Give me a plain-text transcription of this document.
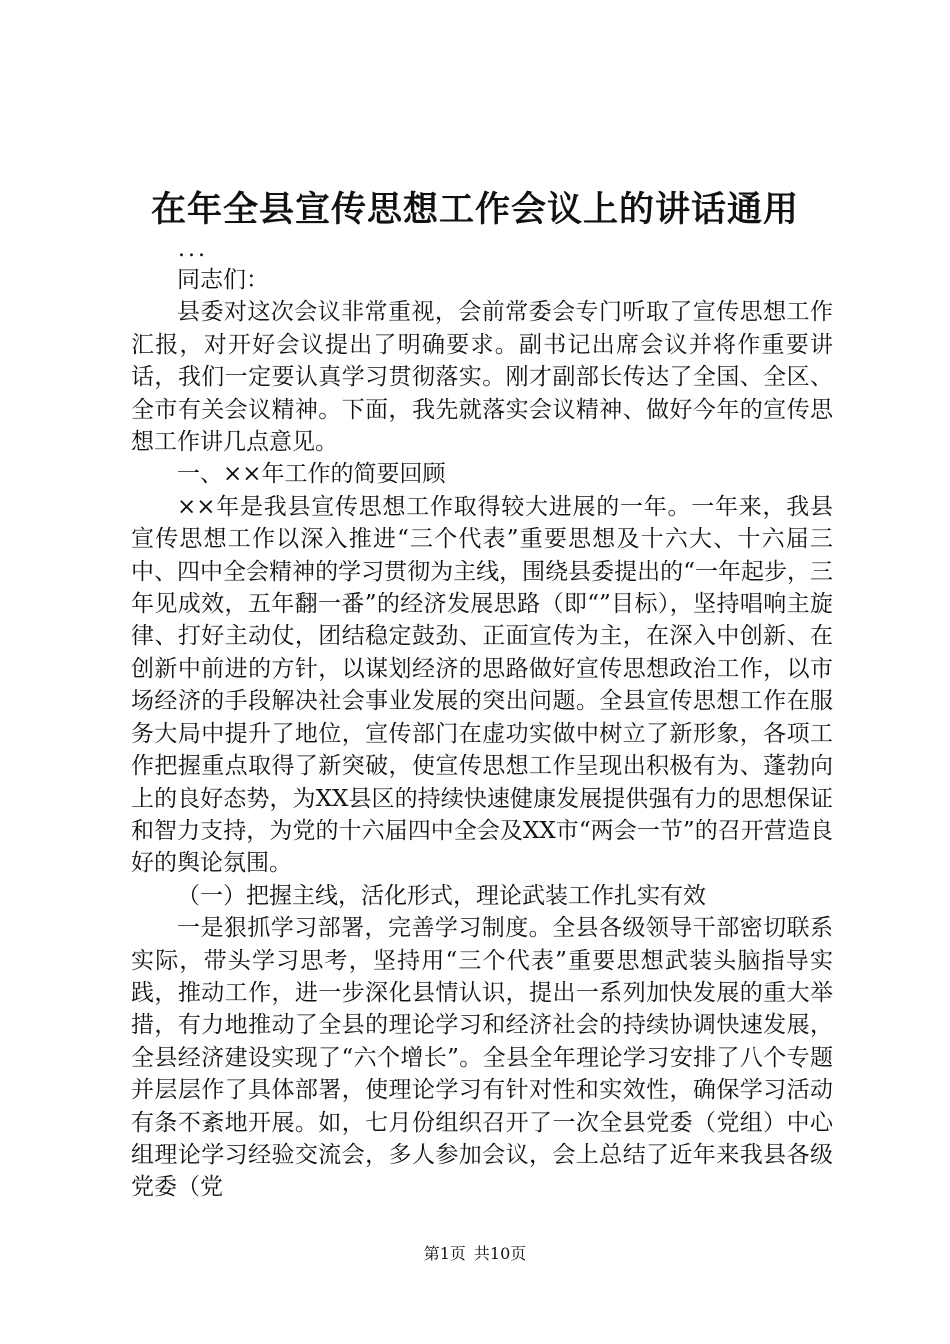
在年全县宣传思想工作会议上的讲话通用
...

同志们：

县委对这次会议非常重视，会前常委会专门听取了宣传思想工作汇报，对开好会议提出了明确要求。副书记出席会议并将作重要讲话，我们一定要认真学习贯彻落实。刚才副部长传达了全国、全区、全市有关会议精神。下面，我先就落实会议精神、做好今年的宣传思想工作讲几点意见。

一、××年工作的简要回顾

××年是我县宣传思想工作取得较大进展的一年。一年来，我县宣传思想工作以深入推进“三个代表”重要思想及十六大、十六届三中、四中全会精神的学习贯彻为主线，围绕县委提出的“一年起步，三年见成效，五年翻一番”的经济发展思路（即“”目标），坚持唱响主旋律、打好主动仗，团结稳定鼓劲、正面宣传为主，在深入中创新、在创新中前进的方针，以谋划经济的思路做好宣传思想政治工作，以市场经济的手段解决社会事业发展的突出问题。全县宣传思想工作在服务大局中提升了地位，宣传部门在虚功实做中树立了新形象，各项工作把握重点取得了新突破，使宣传思想工作呈现出积极有为、蓬勃向上的良好态势，为XX县区的持续快速健康发展提供强有力的思想保证和智力支持，为党的十六届四中全会及XX市“两会一节”的召开营造良好的舆论氛围。

（一）把握主线，活化形式，理论武装工作扎实有效

一是狠抓学习部署，完善学习制度。全县各级领导干部密切联系实际，带头学习思考，坚持用“三个代表”重要思想武装头脑指导实践，推动工作，进一步深化县情认识，提出一系列加快发展的重大举措，有力地推动了全县的理论学习和经济社会的持续协调快速发展，全县经济建设实现了“六个增长”。全县全年理论学习安排了八个专题并层层作了具体部署，使理论学习有针对性和实效性，确保学习活动有条不紊地开展。如，七月份组织召开了一次全县党委（党组）中心组理论学习经验交流会，多人参加会议，会上总结了近年来我县各级党委（党

第1页 共10页
